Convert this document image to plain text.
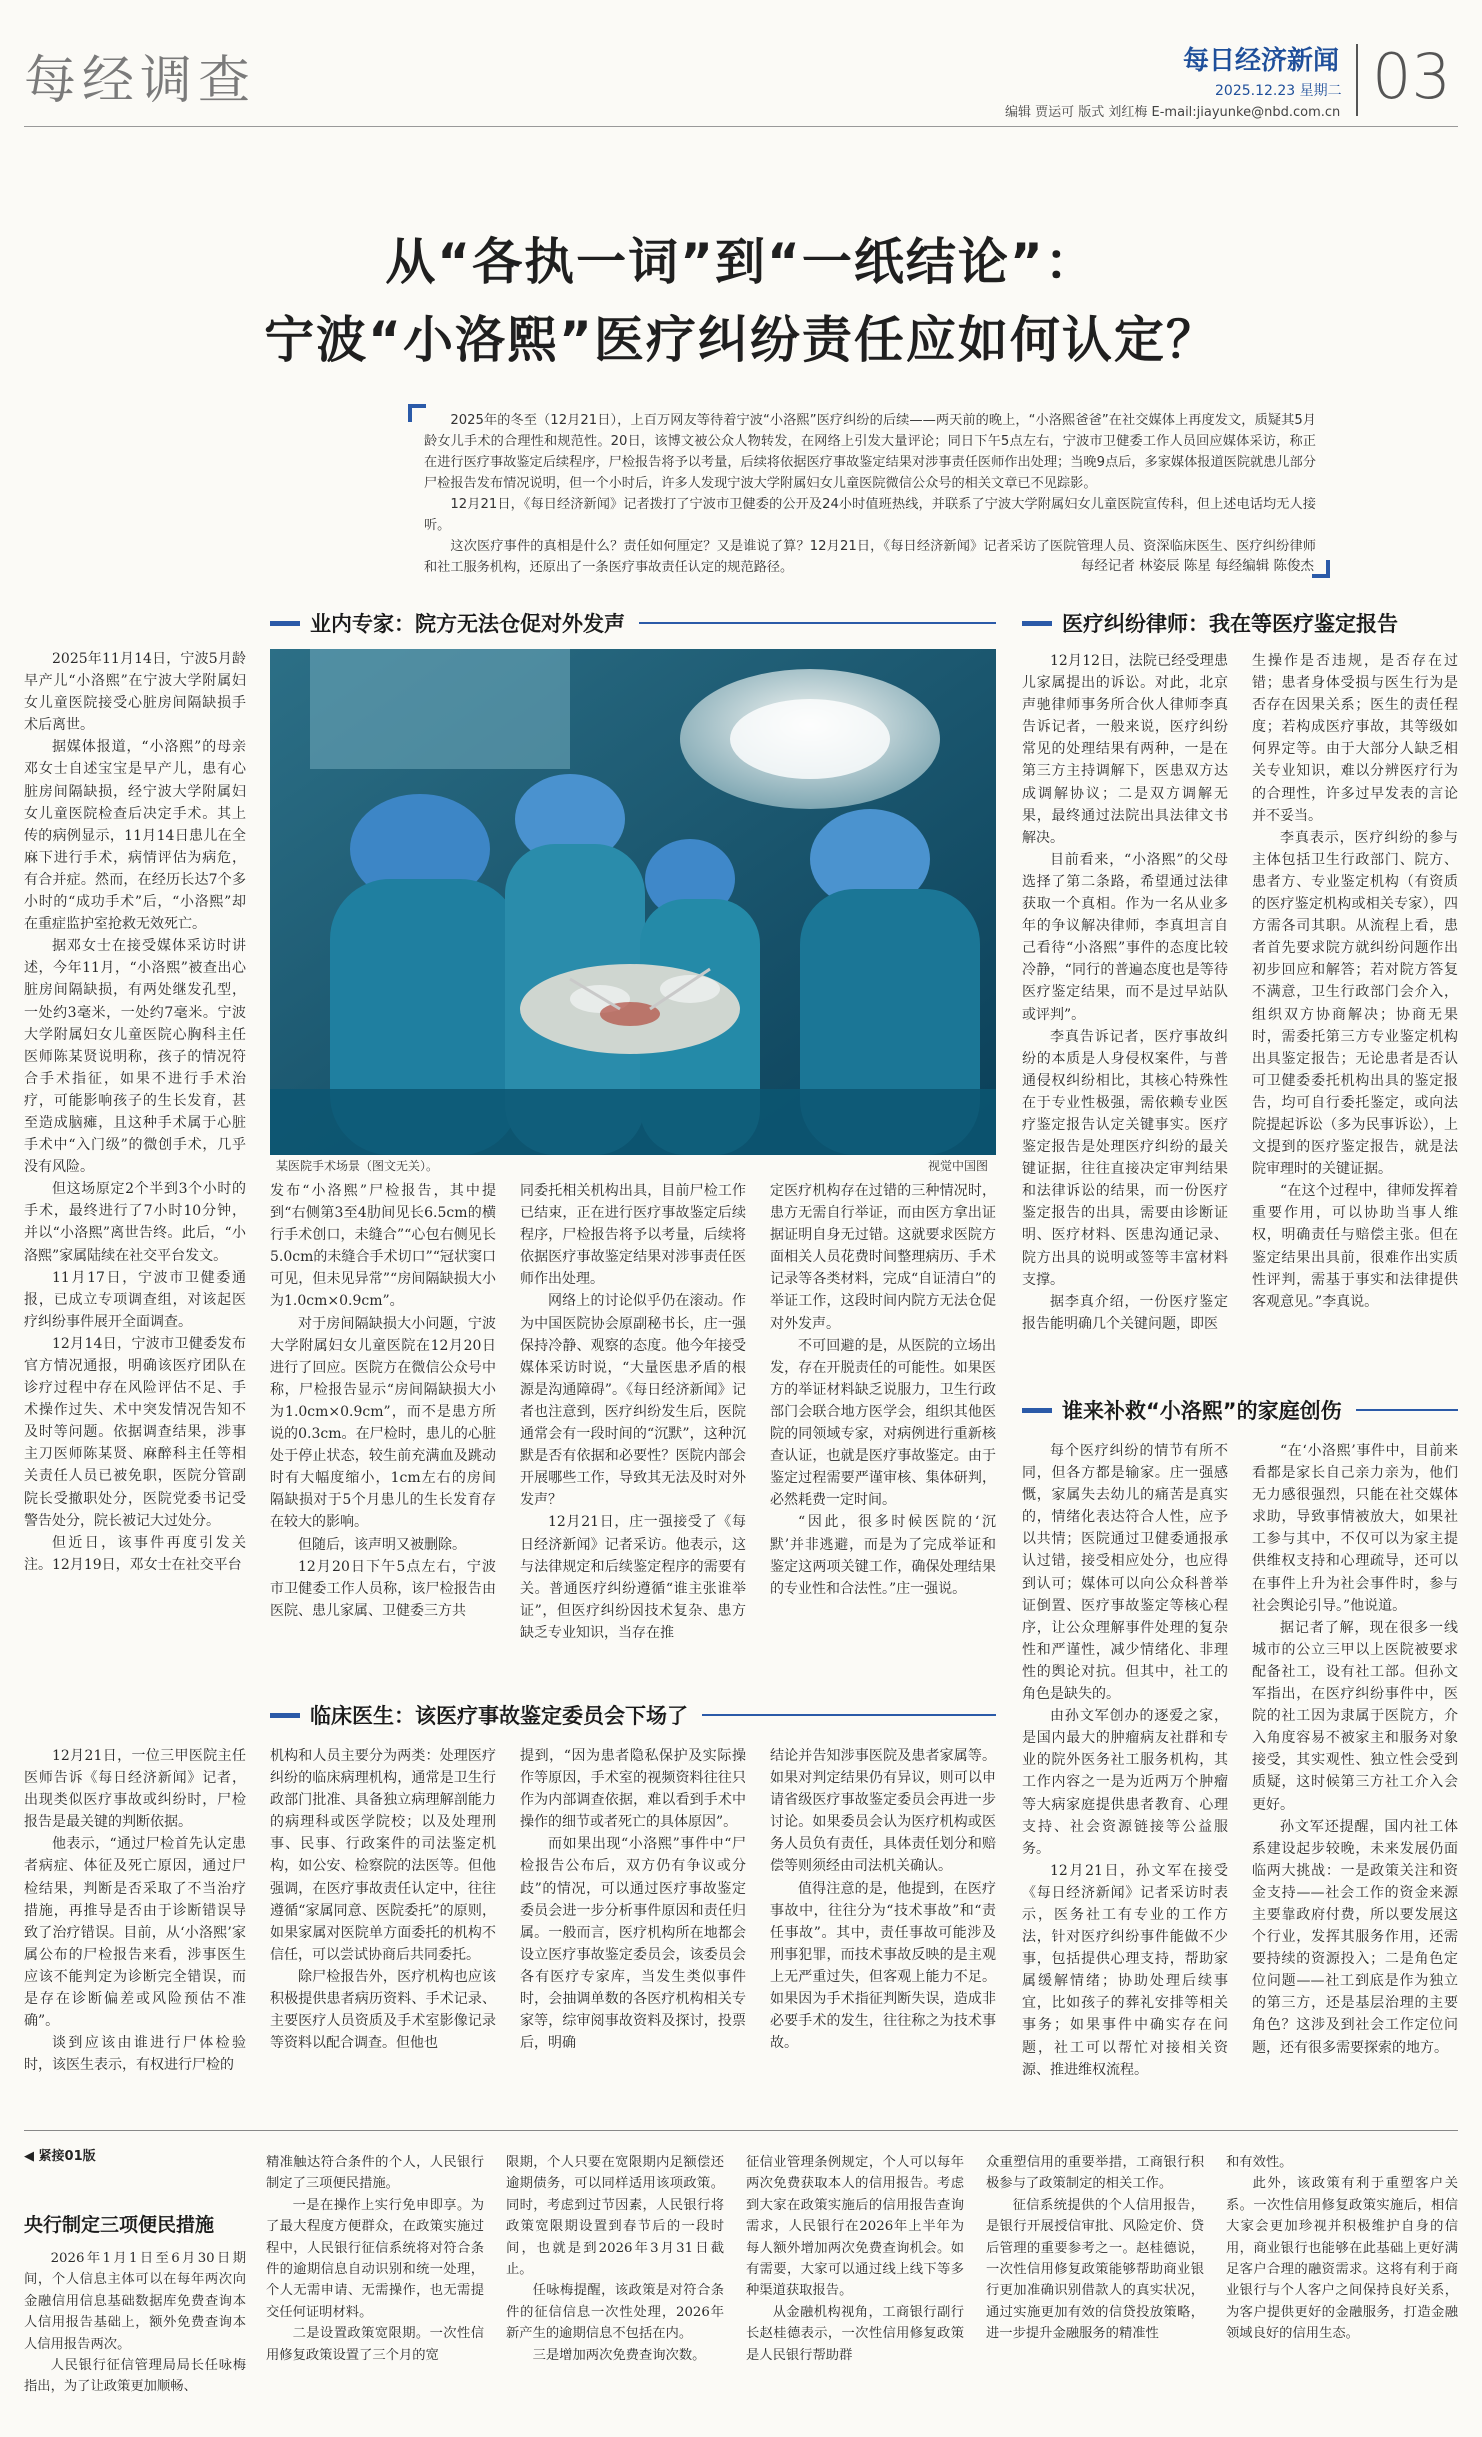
每经调查	每日经济新闻
2025.12.23 星期二
编辑 贾运可 版式 刘红梅 E-mail:jiayunke@nbd.com.cn 03
从“各执一词”到“一纸结论”：
宁波“小洛熙”医疗纠纷责任应如何认定？

2025年的冬至（12月21日），上百万网友等待着宁波“小洛熙”医疗纠纷的后续——两天前的晚上，“小洛熙爸爸”在社交媒体上再度发文，质疑其5月龄女儿手术的合理性和规范性。20日，该博文被公众人物转发，在网络上引发大量评论；同日下午5点左右，宁波市卫健委工作人员回应媒体采访，称正在进行医疗事故鉴定后续程序，尸检报告将予以考量，后续将依据医疗事故鉴定结果对涉事责任医师作出处理；当晚9点后，多家媒体报道医院就患儿部分尸检报告发布情况说明，但一个小时后，许多人发现宁波大学附属妇女儿童医院微信公众号的相关文章已不见踪影。

12月21日，《每日经济新闻》记者拨打了宁波市卫健委的公开及24小时值班热线，并联系了宁波大学附属妇女儿童医院宣传科，但上述电话均无人接听。

这次医疗事件的真相是什么？责任如何厘定？又是谁说了算？12月21日，《每日经济新闻》记者采访了医院管理人员、资深临床医生、医疗纠纷律师和社工服务机构，还原出了一条医疗事故责任认定的规范路径。	每经记者 林姿辰 陈星 每经编辑 陈俊杰
业内专家：院方无法仓促对外发声
临床医生：该医疗事故鉴定委员会下场了
医疗纠纷律师：我在等医疗鉴定报告
谁来补救“小洛熙”的家庭创伤
某医院手术场景（图文无关）。	视觉中国图

2025年11月14日，宁波5月龄早产儿“小洛熙”在宁波大学附属妇女儿童医院接受心脏房间隔缺损手术后离世。

据媒体报道，“小洛熙”的母亲邓女士自述宝宝是早产儿，患有心脏房间隔缺损，经宁波大学附属妇女儿童医院检查后决定手术。其上传的病例显示，11月14日患儿在全麻下进行手术，病情评估为病危，有合并症。然而，在经历长达7个多小时的“成功手术”后，“小洛熙”却在重症监护室抢救无效死亡。

据邓女士在接受媒体采访时讲述，今年11月，“小洛熙”被查出心脏房间隔缺损，有两处继发孔型，一处约3毫米，一处约7毫米。宁波大学附属妇女儿童医院心胸科主任医师陈某贤说明称，孩子的情况符合手术指征，如果不进行手术治疗，可能影响孩子的生长发育，甚至造成脑瘫，且这种手术属于心脏手术中“入门级”的微创手术，几乎没有风险。

但这场原定2个半到3个小时的手术，最终进行了7小时10分钟，并以“小洛熙”离世告终。此后，“小洛熙”家属陆续在社交平台发文。

11月17日，宁波市卫健委通报，已成立专项调查组，对该起医疗纠纷事件展开全面调查。

12月14日，宁波市卫健委发布官方情况通报，明确该医疗团队在诊疗过程中存在风险评估不足、手术操作过失、术中突发情况告知不及时等问题。依据调查结果，涉事主刀医师陈某贤、麻醉科主任等相关责任人员已被免职，医院分管副院长受撤职处分，医院党委书记受警告处分，院长被记大过处分。

但近日，该事件再度引发关注。12月19日，邓女士在社交平台

发布“小洛熙”尸检报告，其中提到“右侧第3至4肋间见长6.5cm的横行手术创口，未缝合”“心包右侧见长5.0cm的未缝合手术切口”“冠状窦口可见，但未见异常”“房间隔缺损大小为1.0cm×0.9cm”。

对于房间隔缺损大小问题，宁波大学附属妇女儿童医院在12月20日进行了回应。医院方在微信公众号中称，尸检报告显示“房间隔缺损大小为1.0cm×0.9cm”，而不是患方所说的0.3cm。在尸检时，患儿的心脏处于停止状态，较生前充满血及跳动时有大幅度缩小，1cm左右的房间隔缺损对于5个月患儿的生长发育存在较大的影响。

但随后，该声明又被删除。

12月20日下午5点左右，宁波市卫健委工作人员称，该尸检报告由医院、患儿家属、卫健委三方共

同委托相关机构出具，目前尸检工作已结束，正在进行医疗事故鉴定后续程序，尸检报告将予以考量，后续将依据医疗事故鉴定结果对涉事责任医师作出处理。

网络上的讨论似乎仍在滚动。作为中国医院协会原副秘书长，庄一强保持冷静、观察的态度。他今年接受媒体采访时说，“大量医患矛盾的根源是沟通障碍”。《每日经济新闻》记者也注意到，医疗纠纷发生后，医院通常会有一段时间的“沉默”，这种沉默是否有依据和必要性？医院内部会开展哪些工作，导致其无法及时对外发声？

12月21日，庄一强接受了《每日经济新闻》记者采访。他表示，这与法律规定和后续鉴定程序的需要有关。普通医疗纠纷遵循“谁主张谁举证”，但医疗纠纷因技术复杂、患方缺乏专业知识，当存在推

定医疗机构存在过错的三种情况时，患方无需自行举证，而由医方拿出证据证明自身无过错。这就要求医院方面相关人员花费时间整理病历、手术记录等各类材料，完成“自证清白”的举证工作，这段时间内院方无法仓促对外发声。

不可回避的是，从医院的立场出发，存在开脱责任的可能性。如果医方的举证材料缺乏说服力，卫生行政部门会联合地方医学会，组织其他医院的同领域专家，对病例进行重新核查认证，也就是医疗事故鉴定。由于鉴定过程需要严谨审核、集体研判，必然耗费一定时间。

“因此，很多时候医院的‘沉默’并非逃避，而是为了完成举证和鉴定这两项关键工作，确保处理结果的专业性和合法性。”庄一强说。

12月21日，一位三甲医院主任医师告诉《每日经济新闻》记者，出现类似医疗事故或纠纷时，尸检报告是最关键的判断依据。

他表示，“通过尸检首先认定患者病症、体征及死亡原因，通过尸检结果，判断是否采取了不当治疗措施，再推导是否由于诊断错误导致了治疗错误。目前，从‘小洛熙’家属公布的尸检报告来看，涉事医生应该不能判定为诊断完全错误，而是存在诊断偏差或风险预估不准确”。

谈到应该由谁进行尸体检验时，该医生表示，有权进行尸检的

机构和人员主要分为两类：处理医疗纠纷的临床病理机构，通常是卫生行政部门批准、具备独立病理解剖能力的病理科或医学院校；以及处理刑事、民事、行政案件的司法鉴定机构，如公安、检察院的法医等。但他强调，在医疗事故责任认定中，往往遵循“家属同意、医院委托”的原则，如果家属对医院单方面委托的机构不信任，可以尝试协商后共同委托。

除尸检报告外，医疗机构也应该积极提供患者病历资料、手术记录、主要医疗人员资质及手术室影像记录等资料以配合调查。但他也

提到，“因为患者隐私保护及实际操作等原因，手术室的视频资料往往只作为内部调查依据，难以看到手术中操作的细节或者死亡的具体原因”。

而如果出现“小洛熙”事件中“尸检报告公布后，双方仍有争议或分歧”的情况，可以通过医疗事故鉴定委员会进一步分析事件原因和责任归属。一般而言，医疗机构所在地都会设立医疗事故鉴定委员会，该委员会各有医疗专家库，当发生类似事件时，会抽调单数的各医疗机构相关专家等，综审阅事故资料及探讨，投票后，明确

结论并告知涉事医院及患者家属等。如果对判定结果仍有异议，则可以申请省级医疗事故鉴定委员会再进一步讨论。如果委员会认为医疗机构或医务人员负有责任，具体责任划分和赔偿等则须经由司法机关确认。

值得注意的是，他提到，在医疗事故中，往往分为“技术事故”和“责任事故”。其中，责任事故可能涉及刑事犯罪，而技术事故反映的是主观上无严重过失，但客观上能力不足。如果因为手术指征判断失误，造成非必要手术的发生，往往称之为技术事故。

12月12日，法院已经受理患儿家属提出的诉讼。对此，北京声驰律师事务所合伙人律师李真告诉记者，一般来说，医疗纠纷常见的处理结果有两种，一是在第三方主持调解下，医患双方达成调解协议；二是双方调解无果，最终通过法院出具法律文书解决。

目前看来，“小洛熙”的父母选择了第二条路，希望通过法律获取一个真相。作为一名从业多年的争议解决律师，李真坦言自己看待“小洛熙”事件的态度比较冷静，“同行的普遍态度也是等待医疗鉴定结果，而不是过早站队或评判”。

李真告诉记者，医疗事故纠纷的本质是人身侵权案件，与普通侵权纠纷相比，其核心特殊性在于专业性极强，需依赖专业医疗鉴定报告认定关键事实。医疗鉴定报告是处理医疗纠纷的最关键证据，往往直接决定审判结果和法律诉讼的结果，而一份医疗鉴定报告的出具，需要由诊断证明、医疗材料、医患沟通记录、院方出具的说明或签等丰富材料支撑。

据李真介绍，一份医疗鉴定报告能明确几个关键问题，即医

生操作是否违规，是否存在过错；患者身体受损与医生行为是否存在因果关系；医生的责任程度；若构成医疗事故，其等级如何界定等。由于大部分人缺乏相关专业知识，难以分辨医疗行为的合理性，许多过早发表的言论并不妥当。

李真表示，医疗纠纷的参与主体包括卫生行政部门、院方、患者方、专业鉴定机构（有资质的医疗鉴定机构或相关专家），四方需各司其职。从流程上看，患者首先要求院方就纠纷问题作出初步回应和解答；若对院方答复不满意，卫生行政部门会介入，组织双方协商解决；协商无果时，需委托第三方专业鉴定机构出具鉴定报告；无论患者是否认可卫健委委托机构出具的鉴定报告，均可自行委托鉴定，或向法院提起诉讼（多为民事诉讼），上文提到的医疗鉴定报告，就是法院审理时的关键证据。

“在这个过程中，律师发挥着重要作用，可以协助当事人维权，明确责任与赔偿主张。但在鉴定结果出具前，很难作出实质性评判，需基于事实和法律提供客观意见。”李真说。

每个医疗纠纷的情节有所不同，但各方都是输家。庄一强感慨，家属失去幼儿的痛苦是真实的，情绪化表达符合人性，应予以共情；医院通过卫健委通报承认过错，接受相应处分，也应得到认可；媒体可以向公众科普举证倒置、医疗事故鉴定等核心程序，让公众理解事件处理的复杂性和严谨性，减少情绪化、非理性的舆论对抗。但其中，社工的角色是缺失的。

由孙文军创办的逐爱之家，是国内最大的肿瘤病友社群和专业的院外医务社工服务机构，其工作内容之一是为近两万个肿瘤等大病家庭提供患者教育、心理支持、社会资源链接等公益服务。

12月21日，孙文军在接受《每日经济新闻》记者采访时表示，医务社工有专业的工作方法，针对医疗纠纷事件能做不少事，包括提供心理支持，帮助家属缓解情绪；协助处理后续事宜，比如孩子的葬礼安排等相关事务；如果事件中确实存在问题，社工可以帮忙对接相关资源、推进维权流程。

“在‘小洛熙’事件中，目前来看都是家长自己亲力亲为，他们无力感很强烈，只能在社交媒体求助，导致事情被放大，如果社工参与其中，不仅可以为家主提供维权支持和心理疏导，还可以在事件上升为社会事件时，参与社会舆论引导。”他说道。

据记者了解，现在很多一线城市的公立三甲以上医院被要求配备社工，设有社工部。但孙文军指出，在医疗纠纷事件中，医院的社工因为隶属于医院方，介入角度容易不被家主和服务对象接受，其实观性、独立性会受到质疑，这时候第三方社工介入会更好。

孙文军还提醒，国内社工体系建设起步较晚，未来发展仍面临两大挑战：一是政策关注和资金支持——社会工作的资金来源主要靠政府付费，所以要发展这个行业，发挥其服务作用，还需要持续的资源投入；二是角色定位问题——社工到底是作为独立的第三方，还是基层治理的主要角色？这涉及到社会工作定位问题，还有很多需要探索的地方。

◀ 紧接01版
央行制定三项便民措施

2026年1月1日至6月30日期间，个人信息主体可以在每年两次向金融信用信息基础数据库免费查询本人信用报告基础上，额外免费查询本人信用报告两次。

人民银行征信管理局局长任咏梅指出，为了让政策更加顺畅、

精准触达符合条件的个人，人民银行制定了三项便民措施。

一是在操作上实行免申即享。为了最大程度方便群众，在政策实施过程中，人民银行征信系统将对符合条件的逾期信息自动识别和统一处理，个人无需申请、无需操作，也无需提交任何证明材料。

二是设置政策宽限期。一次性信用修复政策设置了三个月的宽

限期，个人只要在宽限期内足额偿还逾期债务，可以同样适用该项政策。同时，考虑到过节因素，人民银行将政策宽限期设置到春节后的一段时间，也就是到2026年3月31日截止。

任咏梅提醒，该政策是对符合条件的征信信息一次性处理，2026年新产生的逾期信息不包括在内。

三是增加两次免费查询次数。

征信业管理条例规定，个人可以每年两次免费获取本人的信用报告。考虑到大家在政策实施后的信用报告查询需求，人民银行在2026年上半年为每人额外增加两次免费查询机会。如有需要，大家可以通过线上线下等多种渠道获取报告。

从金融机构视角，工商银行副行长赵桂德表示，一次性信用修复政策是人民银行帮助群

众重塑信用的重要举措，工商银行积极参与了政策制定的相关工作。

征信系统提供的个人信用报告，是银行开展授信审批、风险定价、贷后管理的重要参考之一。赵桂德说，一次性信用修复政策能够帮助商业银行更加准确识别借款人的真实状况，通过实施更加有效的信贷投放策略，进一步提升金融服务的精准性

和有效性。

此外，该政策有利于重塑客户关系。一次性信用修复政策实施后，相信大家会更加珍视并积极维护自身的信用，商业银行也能够在此基础上更好满足客户合理的融资需求。这将有利于商业银行与个人客户之间保持良好关系，为客户提供更好的金融服务，打造金融领域良好的信用生态。
